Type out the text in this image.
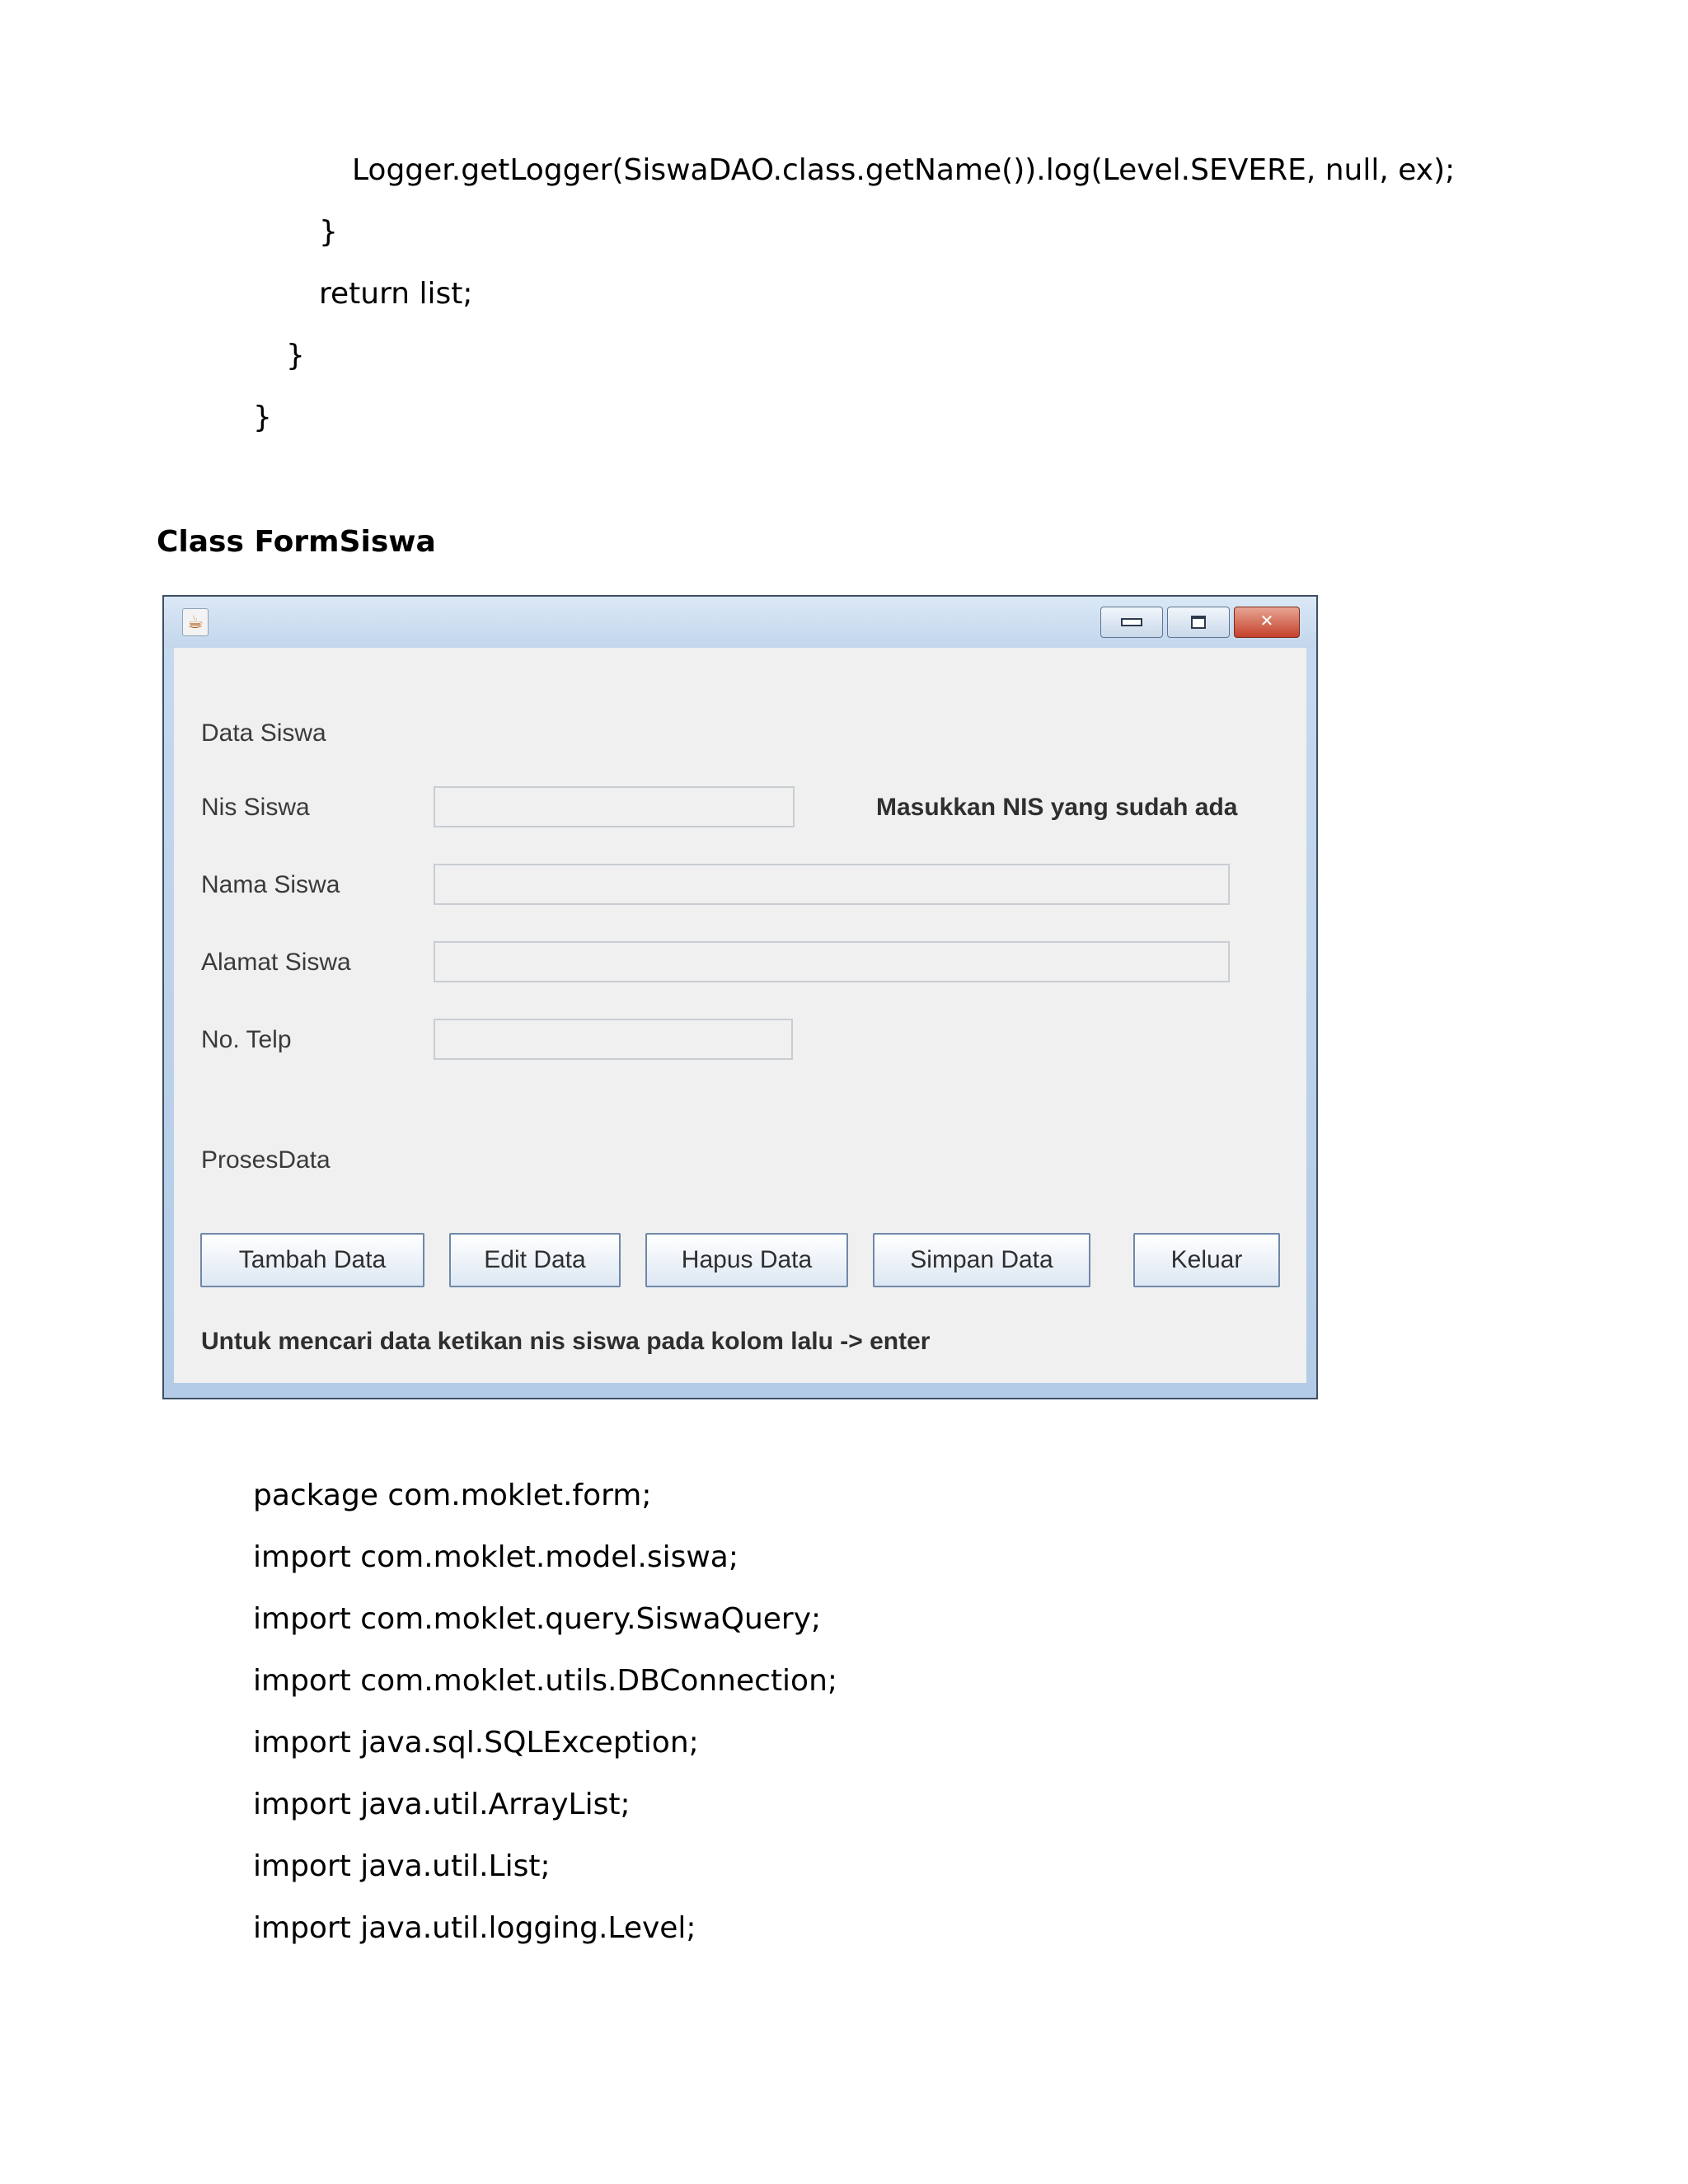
Logger.getLogger(SiswaDAO.class.getName()).log(Level.SEVERE, null, ex);

}

return list;

}

}

Class FormSiswa

☕	✕
Data Siswa
Nis Siswa	Masukkan NIS yang sudah ada
Nama Siswa
Alamat Siswa
No. Telp
ProsesData
Tambah Data	Edit Data	Hapus Data	Simpan Data	Keluar
Untuk mencari data ketikan nis siswa pada kolom lalu -> enter

package com.moklet.form;

import com.moklet.model.siswa;

import com.moklet.query.SiswaQuery;

import com.moklet.utils.DBConnection;

import java.sql.SQLException;

import java.util.ArrayList;

import java.util.List;

import java.util.logging.Level;
